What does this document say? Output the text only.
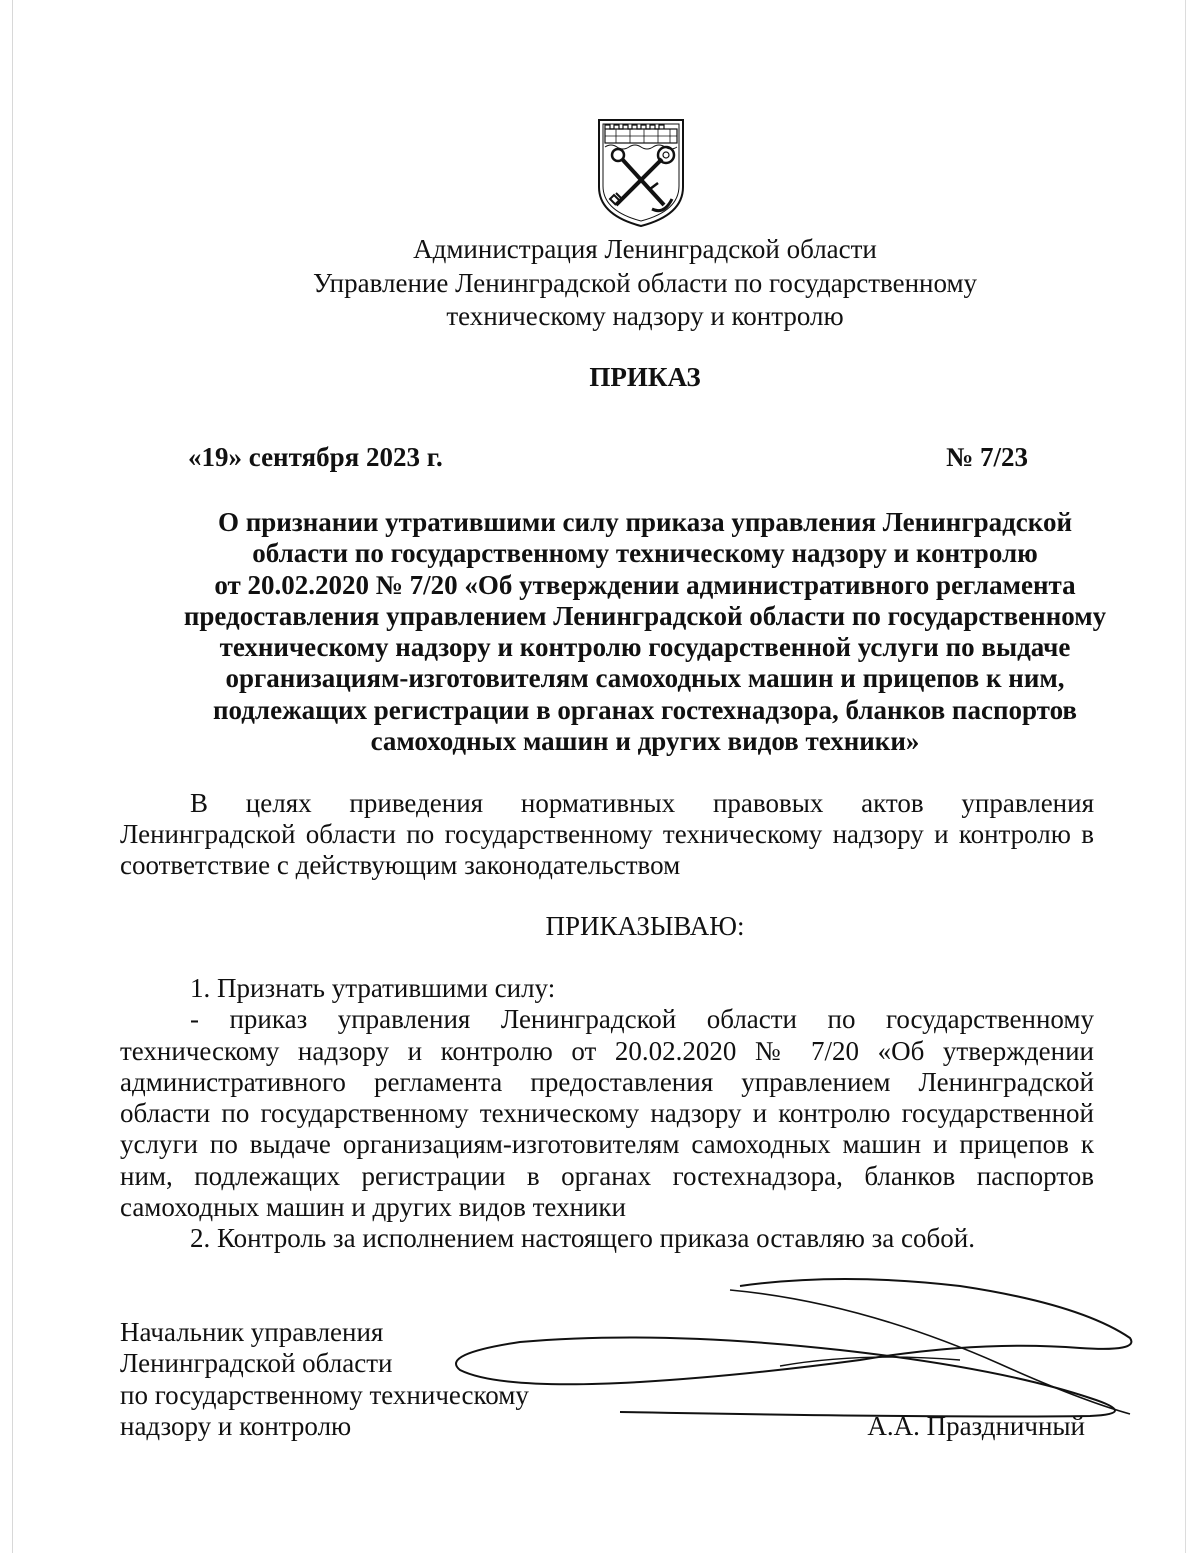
Администрация Ленинградской области
Управление Ленинградской области по государственному
техническому надзору и контролю
ПРИКАЗ
«19» сентября 2023 г.	№ 7/23
О признании утратившими силу приказа управления Ленинградской
области по государственному техническому надзору и контролю
от 20.02.2020 № 7/20 «Об утверждении административного регламента
предоставления управлением Ленинградской области по государственному
техническому надзору и контролю государственной услуги по выдаче
организациям-изготовителям самоходных машин и прицепов к ним,
подлежащих регистрации в органах гостехнадзора, бланков паспортов
самоходных машин и других видов техники»
В целях приведения нормативных правовых актов управления
Ленинградской области по государственному техническому надзору и контролю в
соответствие с действующим законодательством
ПРИКАЗЫВАЮ:
1. Признать утратившими силу:
- приказ управления Ленинградской области по государственному
техническому надзору и контролю от 20.02.2020 № 7/20 «Об утверждении
административного регламента предоставления управлением Ленинградской
области по государственному техническому надзору и контролю государственной
услуги по выдаче организациям-изготовителям самоходных машин и прицепов к
ним, подлежащих регистрации в органах гостехнадзора, бланков паспортов
самоходных машин и других видов техники
2. Контроль за исполнением настоящего приказа оставляю за собой.
Начальник управления
Ленинградской области
по государственному техническому
надзору и контролю	А.А. Праздничный
